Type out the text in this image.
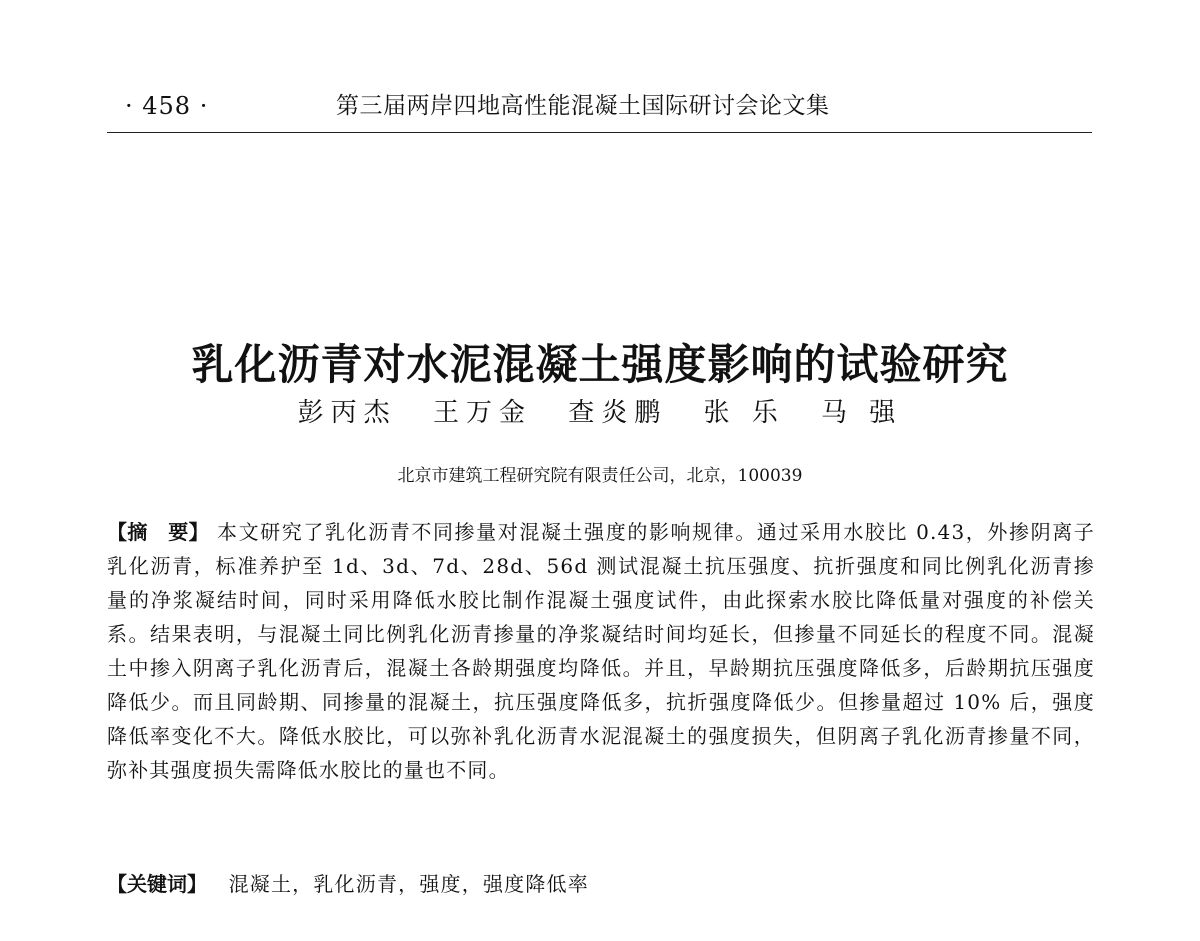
· 458 ·	第三届两岸四地高性能混凝土国际研讨会论文集
乳化沥青对水泥混凝土强度影响的试验研究
彭丙杰 王万金 查炎鹏 张 乐 马 强
北京市建筑工程研究院有限责任公司，北京，100039
【摘　要】 本文研究了乳化沥青不同掺量对混凝土强度的影响规律。通过采用水胶比 0.43，外掺阴离子乳化沥青，标准养护至 1d、3d、7d、28d、56d 测试混凝土抗压强度、抗折强度和同比例乳化沥青掺量的净浆凝结时间，同时采用降低水胶比制作混凝土强度试件，由此探索水胶比降低量对强度的补偿关系。结果表明，与混凝土同比例乳化沥青掺量的净浆凝结时间均延长，但掺量不同延长的程度不同。混凝土中掺入阴离子乳化沥青后，混凝土各龄期强度均降低。并且，早龄期抗压强度降低多，后龄期抗压强度降低少。而且同龄期、同掺量的混凝土，抗压强度降低多，抗折强度降低少。但掺量超过 10% 后，强度降低率变化不大。降低水胶比，可以弥补乳化沥青水泥混凝土的强度损失，但阴离子乳化沥青掺量不同，弥补其强度损失需降低水胶比的量也不同。
【关键词】 混凝土，乳化沥青，强度，强度降低率
